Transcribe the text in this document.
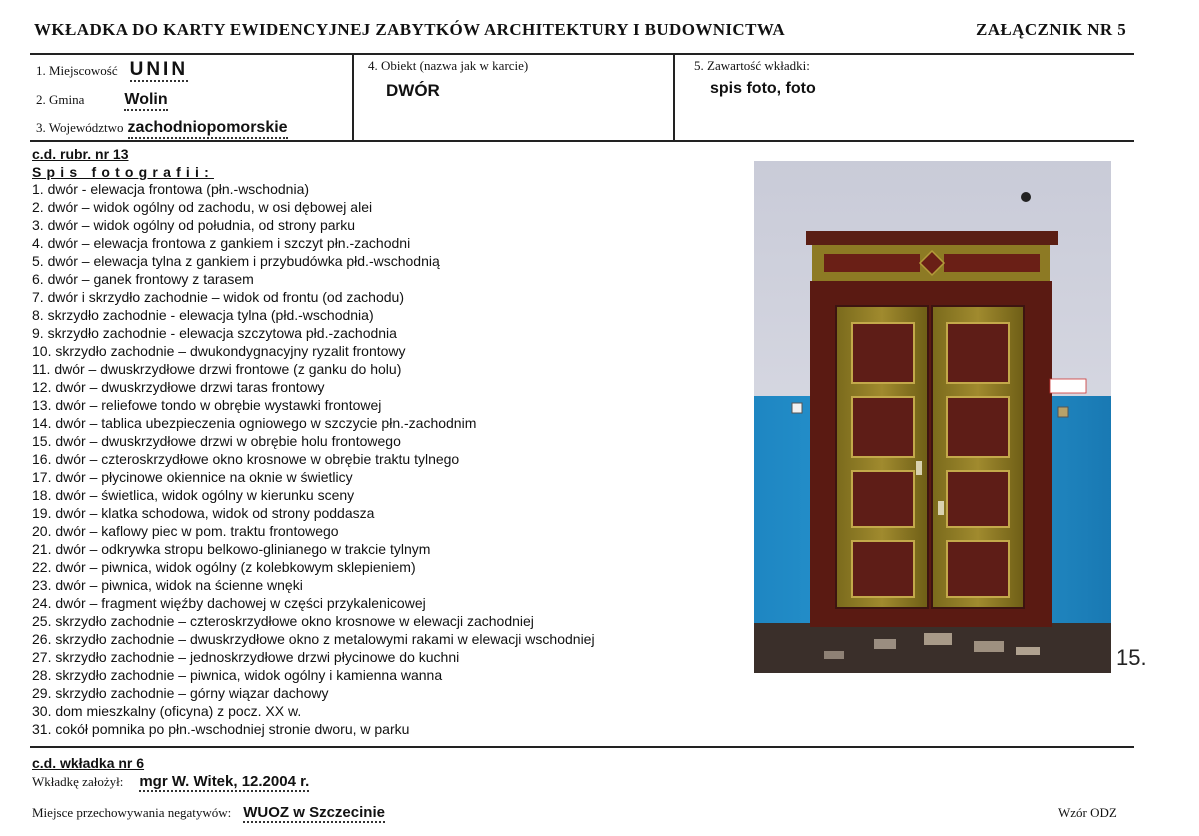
WKŁADKA DO KARTY EWIDENCYJNEJ ZABYTKÓW ARCHITEKTURY I BUDOWNICTWA	ZAŁĄCZNIK NR 5
1. Miejscowość UNIN
2. Gmina	Wolin
3. Województwo zachodniopomorskie
4. Obiekt (nazwa jak w karcie)
DWÓR
5. Zawartość wkładki:
spis foto, foto
c.d. rubr. nr 13
Spis fotografii:
1. dwór - elewacja frontowa (płn.-wschodnia)
2. dwór – widok ogólny od zachodu, w osi dębowej alei
3. dwór – widok ogólny od południa, od strony parku
4. dwór – elewacja frontowa z gankiem i szczyt płn.-zachodni
5. dwór – elewacja tylna z gankiem i przybudówka płd.-wschodnią
6. dwór – ganek frontowy z tarasem
7. dwór i skrzydło zachodnie – widok od frontu (od zachodu)
8. skrzydło zachodnie - elewacja tylna (płd.-wschodnia)
9. skrzydło zachodnie - elewacja szczytowa płd.-zachodnia
10. skrzydło zachodnie – dwukondygnacyjny ryzalit frontowy
11. dwór – dwuskrzydłowe drzwi frontowe (z ganku do holu)
12. dwór – dwuskrzydłowe drzwi taras frontowy
13. dwór – reliefowe tondo w obrębie wystawki frontowej
14. dwór – tablica ubezpieczenia ogniowego w szczycie płn.-zachodnim
15. dwór – dwuskrzydłowe drzwi w obrębie holu frontowego
16. dwór – czteroskrzydłowe okno krosnowe w obrębie traktu tylnego
17. dwór – płycinowe okiennice na oknie w świetlicy
18. dwór – świetlica, widok ogólny w kierunku sceny
19. dwór – klatka schodowa, widok od strony poddasza
20. dwór – kaflowy piec w pom. traktu frontowego
21. dwór – odkrywka stropu belkowo-glinianego w trakcie tylnym
22. dwór – piwnica, widok ogólny (z kolebkowym sklepieniem)
23. dwór – piwnica, widok na ścienne wnęki
24. dwór – fragment więźby dachowej w części przykalenicowej
25. skrzydło zachodnie – czteroskrzydłowe okno krosnowe w elewacji zachodniej
26. skrzydło zachodnie – dwuskrzydłowe okno z metalowymi rakami w elewacji wschodniej
27. skrzydło zachodnie – jednoskrzydłowe drzwi płycinowe do kuchni
28. skrzydło zachodnie – piwnica, widok ogólny i kamienna wanna
29. skrzydło zachodnie – górny wiązar dachowy
30. dom mieszkalny (oficyna) z pocz. XX w.
31. cokół pomnika po płn.-wschodniej stronie dworu, w parku
15.
c.d. wkładka nr 6
Wkładkę założył: mgr W. Witek, 12.2004 r.
Miejsce przechowywania negatywów: WUOZ w Szczecinie	Wzór ODZ
